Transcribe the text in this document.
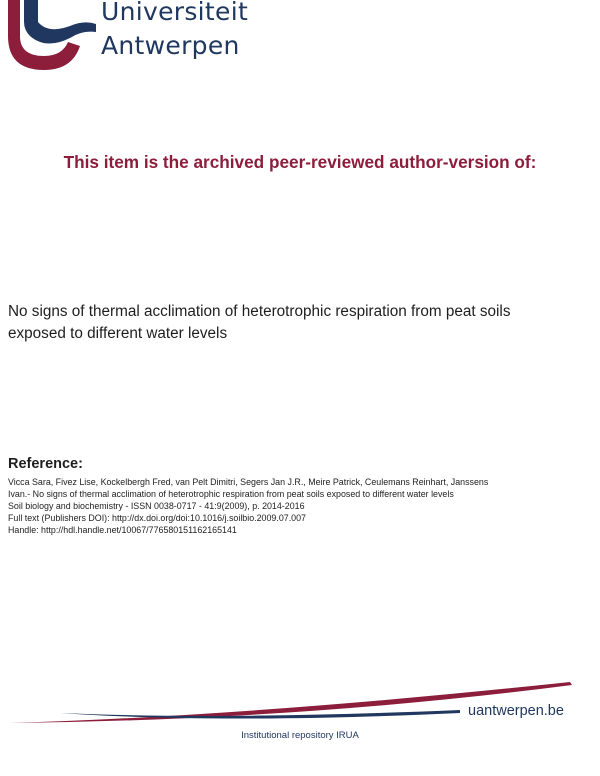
Universiteit
Antwerpen
This item is the archived peer-reviewed author-version of:
No signs of thermal acclimation of heterotrophic respiration from peat soils
exposed to different water levels
Reference:
Vicca Sara, Fivez Lise, Kockelbergh Fred, van Pelt Dimitri, Segers Jan J.R., Meire Patrick, Ceulemans Reinhart, Janssens
Ivan.- No signs of thermal acclimation of heterotrophic respiration from peat soils exposed to different water levels
Soil biology and biochemistry - ISSN 0038-0717 - 41:9(2009), p. 2014-2016
Full text (Publishers DOI): http://dx.doi.org/doi:10.1016/j.soilbio.2009.07.007
Handle: http://hdl.handle.net/10067/776580151162165141
uantwerpen.be
Institutional repository IRUA
